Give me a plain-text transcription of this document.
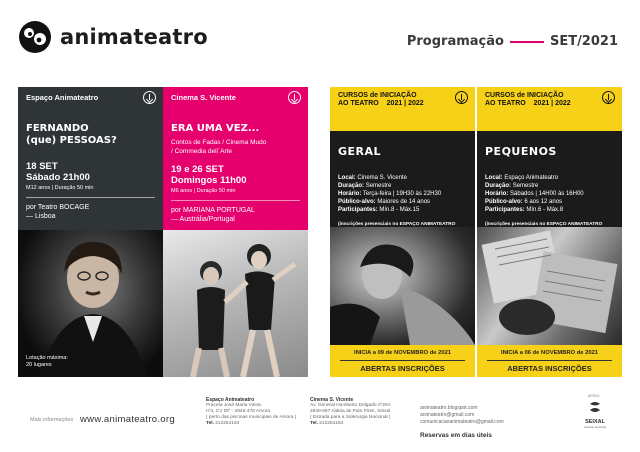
animateatro	Programação	SET/2021
Espaço Animateatro
FERNANDO
(que) PESSOAS?
18 SET
Sábado 21h00
M12 anos | Duração 50 min
por Teatro BOCAGE
— Lisboa
Lotação máxima:
20 lugares
Cinema S. Vicente
ERA UMA VEZ...
Contos de Fadas / Cinema Mudo
/ Commedia dell´Arte
19 e 26 SET
Domingos 11h00
M6 anos | Duração 50 min
por MARIANA PORTUGAL
— Austrália/Portugal
CURSOS de INICIAÇÃO
AO TEATRO 2021 | 2022
GERAL
Local: Cinema S. Vicente
Duração: Semestre
Horário: Terça-feira | 19H30 às 22H30
Público-alvo: Maiores de 14 anos
Participantes: Mín.8 - Máx.15
(inscrições presenciais no ESPAÇO ANIMATEATRO
INICIA a 09 de NOVEMBRO de 2021
ABERTAS INSCRIÇÕES
CURSOS de INICIAÇÃO
AO TEATRO 2021 | 2022
PEQUENOS
Local: Espaço Animateatro
Duração: Semestre
Horário: Sábados | 14H00 às 16H00
Público-alvo: 6 aos 12 anos
Participantes: Mín.6 - Máx.8
(inscrições presenciais no ESPAÇO ANIMATEATRO
INICIA a 06 de NOVEMBRO de 2021
ABERTAS INSCRIÇÕES
Mais informações www.animateatro.org
Espaço Animateatro
Praceta José Maria Vieira
nº4, CV Dtº - 2845-478 Amora
( perto das piscinas municipais de Amora )
Tel. 212254184
Cinema S. Vicente
Av. General Humberto Delgado nº20A
2840-697 Aldeia de Paio Pires, Seixal
( Estrada para a Siderurgia Nacional )
Tel. 212254184
animateatro.blogspot.com
animateatro@gmail.com
comunicacaoanimateatro@gmail.com
Reservas em dias úteis
APOIO:
SEIXAL
câmara municipal
